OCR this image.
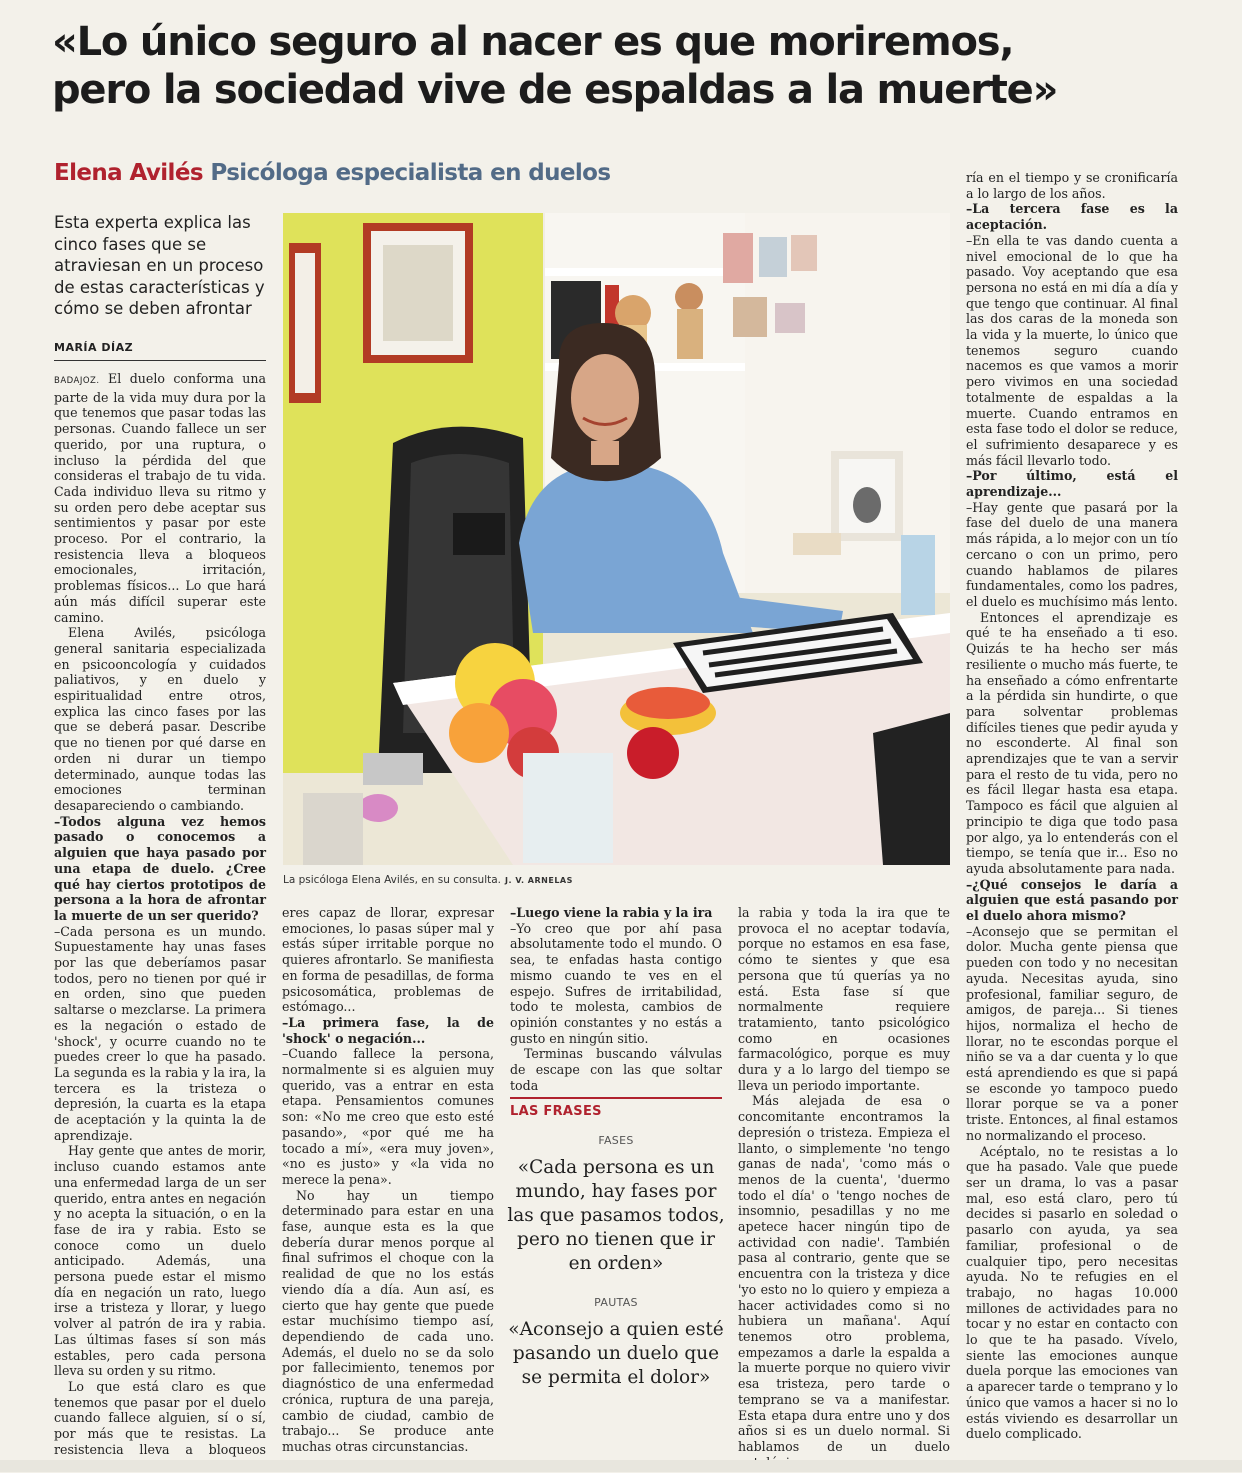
«Lo único seguro al nacer es que moriremos,
pero la sociedad vive de espaldas a la muerte»
Elena Avilés Psicóloga especialista en duelos
Esta experta explica las cinco fases que se atraviesan en un proceso de estas características y cómo se deben afrontar
MARÍA DÍAZ

BADAJOZ. El duelo conforma una parte de la vida muy dura por la que tenemos que pasar todas las personas. Cuando fallece un ser querido, por una ruptura, o incluso la pérdida del que consideras el trabajo de tu vida. Cada individuo lleva su ritmo y su orden pero debe aceptar sus sentimientos y pasar por este proceso. Por el contrario, la resistencia lleva a bloqueos emocionales, irritación, problemas físicos... Lo que hará aún más difícil superar este camino.

Elena Avilés, psicóloga general sanitaria especializada en psicooncología y cuidados paliativos, y en duelo y espiritualidad entre otros, explica las cinco fases por las que se deberá pasar. Describe que no tienen por qué darse en orden ni durar un tiempo determinado, aunque todas las emociones terminan desapareciendo o cambiando.

–Todos alguna vez hemos pasado o conocemos a alguien que haya pasado por una etapa de duelo. ¿Cree qué hay ciertos prototipos de persona a la hora de afrontar la muerte de un ser querido?

–Cada persona es un mundo. Supuestamente hay unas fases por las que deberíamos pasar todos, pero no tienen por qué ir en orden, sino que pueden saltarse o mezclarse. La primera es la negación o estado de 'shock', y ocurre cuando no te puedes creer lo que ha pasado. La segunda es la rabia y la ira, la tercera es la tristeza o depresión, la cuarta es la etapa de aceptación y la quinta la de aprendizaje.

Hay gente que antes de morir, incluso cuando estamos ante una enfermedad larga de un ser querido, entra antes en negación y no acepta la situación, o en la fase de ira y rabia. Esto se conoce como un duelo anticipado. Además, una persona puede estar el mismo día en negación un rato, luego irse a tristeza y llorar, y luego volver al patrón de ira y rabia. Las últimas fases sí son más estables, pero cada persona lleva su orden y su ritmo.

Lo que está claro es que tenemos que pasar por el duelo cuando fallece alguien, sí o sí, por más que te resistas. La resistencia lleva a bloqueos

La psicóloga Elena Avilés, en su consulta. J. V. ARNELAS

eres capaz de llorar, expresar emociones, lo pasas súper mal y estás súper irritable porque no quieres afrontarlo. Se manifiesta en forma de pesadillas, de forma psicosomática, problemas de estómago...

–La primera fase, la de 'shock' o negación...

–Cuando fallece la persona, normalmente si es alguien muy querido, vas a entrar en esta etapa. Pensamientos comunes son: «No me creo que esto esté pasando», «por qué me ha tocado a mí», «era muy joven», «no es justo» y «la vida no merece la pena».

No hay un tiempo determinado para estar en una fase, aunque esta es la que debería durar menos porque al final sufrimos el choque con la realidad de que no los estás viendo día a día. Aun así, es cierto que hay gente que puede estar muchísimo tiempo así, dependiendo de cada uno. Además, el duelo no se da solo por fallecimiento, tenemos por diagnóstico de una enfermedad crónica, ruptura de una pareja, cambio de ciudad, cambio de trabajo... Se produce ante muchas otras circunstancias.

–Luego viene la rabia y la ira

–Yo creo que por ahí pasa absolutamente todo el mundo. O sea, te enfadas hasta contigo mismo cuando te ves en el espejo. Sufres de irritabilidad, todo te molesta, cambios de opinión constantes y no estás a gusto en ningún sitio.

Terminas buscando válvulas de escape con las que soltar toda

LAS FRASES
FASES
«Cada persona es un mundo, hay fases por las que pasamos todos, pero no tienen que ir en orden»
PAUTAS
«Aconsejo a quien esté pasando un duelo que se permita el dolor»

la rabia y toda la ira que te provoca el no aceptar todavía, porque no estamos en esa fase, cómo te sientes y que esa persona que tú querías ya no está. Esta fase sí que normalmente requiere tratamiento, tanto psicológico como en ocasiones farmacológico, porque es muy dura y a lo largo del tiempo se lleva un periodo importante.

Más alejada de esa o concomitante encontramos la depresión o tristeza. Empieza el llanto, o simplemente 'no tengo ganas de nada', 'como más o menos de la cuenta', 'duermo todo el día' o 'tengo noches de insomnio, pesadillas y no me apetece hacer ningún tipo de actividad con nadie'. También pasa al contrario, gente que se encuentra con la tristeza y dice 'yo esto no lo quiero y empieza a hacer actividades como si no hubiera un mañana'. Aquí tenemos otro problema, empezamos a darle la espalda a la muerte porque no quiero vivir esa tristeza, pero tarde o temprano se va a manifestar. Esta etapa dura entre uno y dos años si es un duelo normal. Si hablamos de un duelo

ría en el tiempo y se cronificaría a lo largo de los años.

–La tercera fase es la aceptación.

–En ella te vas dando cuenta a nivel emocional de lo que ha pasado. Voy aceptando que esa persona no está en mi día a día y que tengo que continuar. Al final las dos caras de la moneda son la vida y la muerte, lo único que tenemos seguro cuando nacemos es que vamos a morir pero vivimos en una sociedad totalmente de espaldas a la muerte. Cuando entramos en esta fase todo el dolor se reduce, el sufrimiento desaparece y es más fácil llevarlo todo.

–Por último, está el aprendizaje...

–Hay gente que pasará por la fase del duelo de una manera más rápida, a lo mejor con un tío cercano o con un primo, pero cuando hablamos de pilares fundamentales, como los padres, el duelo es muchísimo más lento.

Entonces el aprendizaje es qué te ha enseñado a ti eso. Quizás te ha hecho ser más resiliente o mucho más fuerte, te ha enseñado a cómo enfrentarte a la pérdida sin hundirte, o que para solventar problemas difíciles tienes que pedir ayuda y no esconderte. Al final son aprendizajes que te van a servir para el resto de tu vida, pero no es fácil llegar hasta esa etapa. Tampoco es fácil que alguien al principio te diga que todo pasa por algo, ya lo entenderás con el tiempo, se tenía que ir... Eso no ayuda absolutamente para nada.

–¿Qué consejos le daría a alguien que está pasando por el duelo ahora mismo?

–Aconsejo que se permitan el dolor. Mucha gente piensa que pueden con todo y no necesitan ayuda. Necesitas ayuda, sino profesional, familiar seguro, de amigos, de pareja... Si tienes hijos, normaliza el hecho de llorar, no te escondas porque el niño se va a dar cuenta y lo que está aprendiendo es que si papá se esconde yo tampoco puedo llorar porque se va a poner triste. Entonces, al final estamos no normalizando el proceso.

Acéptalo, no te resistas a lo que ha pasado. Vale que puede ser un drama, lo vas a pasar mal, eso está claro, pero tú decides si pasarlo en soledad o pasarlo con ayuda, ya sea familiar, profesional o de cualquier tipo, pero necesitas ayuda. No te refugies en el trabajo, no hagas 10.000 millones de actividades para no tocar y no estar en contacto con lo que te ha pasado. Vívelo, siente las emociones aunque duela porque las emociones van a aparecer tarde o temprano y lo único que vamos a hacer si no lo estás viviendo es desarrollar un duelo complicado.
